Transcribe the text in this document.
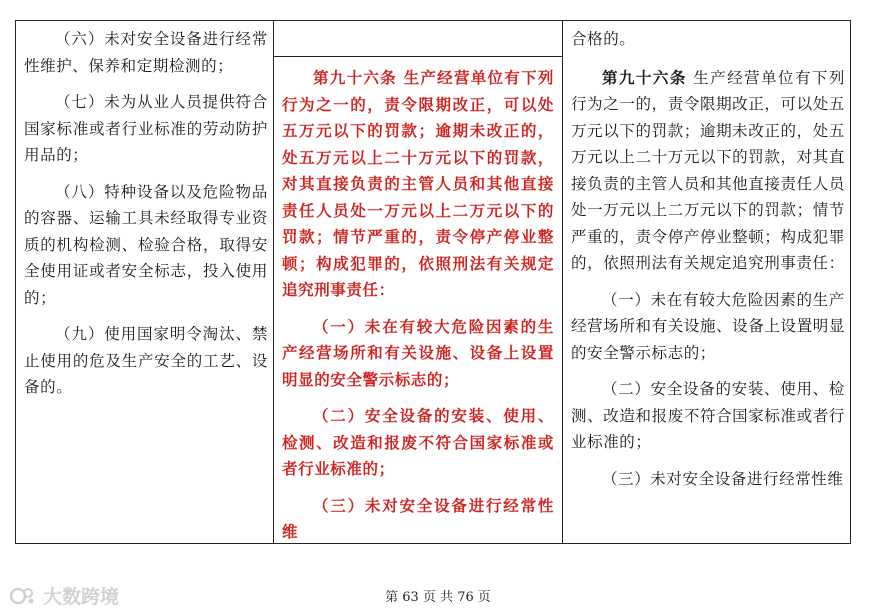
（六）未对安全设备进行经常性维护、保养和定期检测的；

（七）未为从业人员提供符合国家标准或者行业标准的劳动防护用品的；

（八）特种设备以及危险物品的容器、运输工具未经取得专业资质的机构检测、检验合格，取得安全使用证或者安全标志，投入使用的；

（九）使用国家明令淘汰、禁止使用的危及生产安全的工艺、设备的。

第九十六条 生产经营单位有下列行为之一的，责令限期改正，可以处五万元以下的罚款；逾期未改正的，处五万元以上二十万元以下的罚款，对其直接负责的主管人员和其他直接责任人员处一万元以上二万元以下的罚款；情节严重的，责令停产停业整顿；构成犯罪的，依照刑法有关规定追究刑事责任：

（一）未在有较大危险因素的生产经营场所和有关设施、设备上设置明显的安全警示标志的；

（二）安全设备的安装、使用、检测、改造和报废不符合国家标准或者行业标准的；

（三）未对安全设备进行经常性维

合格的。

第九十六条 生产经营单位有下列行为之一的，责令限期改正，可以处五万元以下的罚款；逾期未改正的，处五万元以上二十万元以下的罚款，对其直接负责的主管人员和其他直接责任人员处一万元以上二万元以下的罚款；情节严重的，责令停产停业整顿；构成犯罪的，依照刑法有关规定追究刑事责任：

（一）未在有较大危险因素的生产经营场所和有关设施、设备上设置明显的安全警示标志的；

（二）安全设备的安装、使用、检测、改造和报废不符合国家标准或者行业标准的；

（三）未对安全设备进行经常性维

大数跨境	第 63 页 共 76 页
